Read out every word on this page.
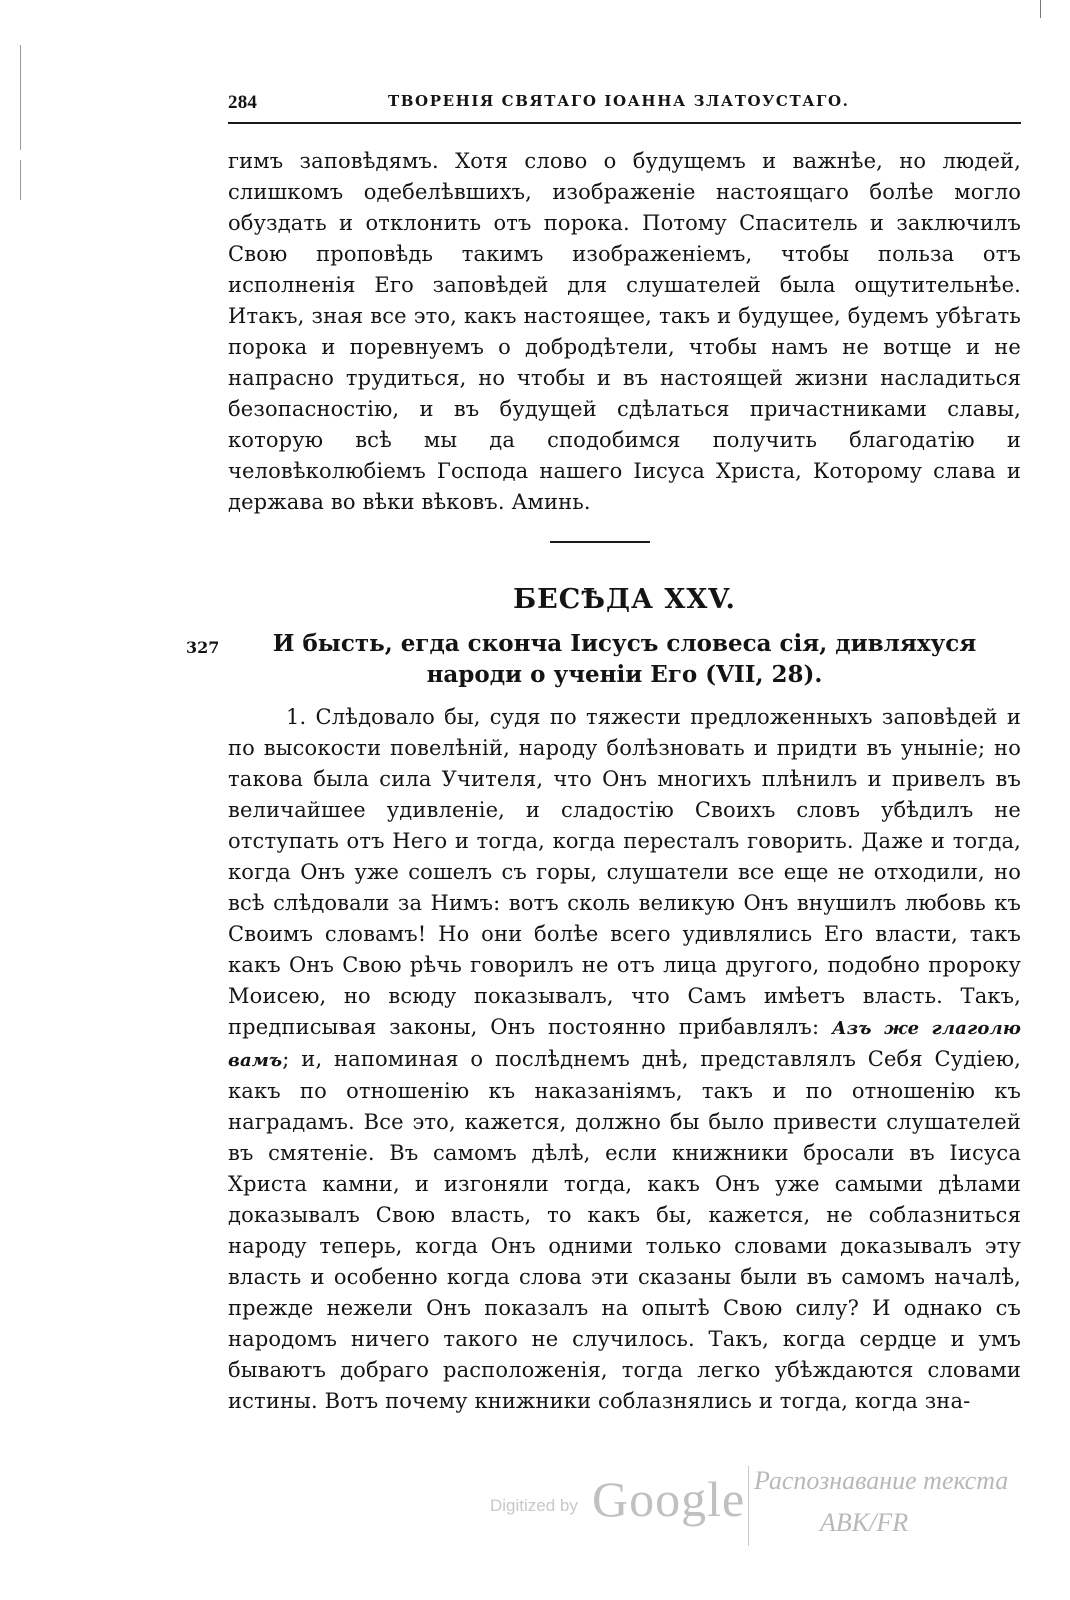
284	ТВОРЕНІЯ СВЯТАГО ІОАННА ЗЛАТОУСТАГО.

гимъ заповѣдямъ. Хотя слово о будущемъ и важнѣе, но людей, слишкомъ одебелѣвшихъ, изображеніе настоящаго болѣе могло обуздать и отклонить отъ порока. Потому Спаситель и заключилъ Свою проповѣдь такимъ изображеніемъ, чтобы польза отъ исполненія Его заповѣдей для слушателей была ощутительнѣе. Итакъ, зная все это, какъ настоящее, такъ и будущее, будемъ убѣгать порока и поревнуемъ о добродѣтели, чтобы намъ не вотще и не напрасно трудиться, но чтобы и въ настоящей жизни насладиться безопасностію, и въ будущей сдѣлаться причастниками славы, которую всѣ мы да сподобимся получить благодатію и человѣколюбіемъ Господа нашего Іисуса Христа, Которому слава и держава во вѣки вѣковъ. Аминь.

БЕСѢДА XXV.
327	И бысть, егда скончa Іисусъ словеса сія, дивляхуся народи о ученіи Его (VII, 28).

1. Слѣдовало бы, судя по тяжести предложенныхъ заповѣдей и по высокости повелѣній, народу болѣзновать и придти въ уныніе; но такова была сила Учителя, что Онъ многихъ плѣнилъ и привелъ въ величайшее удивленіе, и сладостію Своихъ словъ убѣдилъ не отступать отъ Него и тогда, когда пересталъ говорить. Даже и тогда, когда Онъ уже сошелъ съ горы, слушатели все еще не отходили, но всѣ слѣдовали за Нимъ: вотъ сколь великую Онъ внушилъ любовь къ Своимъ словамъ! Но они болѣе всего удивлялись Его власти, такъ какъ Онъ Свою рѣчь говорилъ не отъ лица другого, подобно пророку Моисею, но всюду показывалъ, что Самъ имѣетъ власть. Такъ, предписывая законы, Онъ постоянно прибавлялъ: Азъ же глаголю вамъ; и, напоминая о послѣднемъ днѣ, представлялъ Себя Судіею, какъ по отношенію къ наказаніямъ, такъ и по отношенію къ наградамъ. Все это, кажется, должно бы было привести слушателей въ смятеніе. Въ самомъ дѣлѣ, если книжники бросали въ Іисуса Христа камни, и изгоняли тогда, какъ Онъ уже самыми дѣлами доказывалъ Свою власть, то какъ бы, кажется, не соблазниться народу теперь, когда Онъ одними только словами доказывалъ эту власть и особенно когда слова эти сказаны были въ самомъ началѣ, прежде нежели Онъ показалъ на опытѣ Свою силу? И однако съ народомъ ничего такого не случилось. Такъ, когда сердце и умъ бываютъ добраго расположенія, тогда легко убѣждаются словами истины. Вотъ почему книжники соблазнялись и тогда, когда зна-

Digitized by Google Распознавание текста
ABK/FR
